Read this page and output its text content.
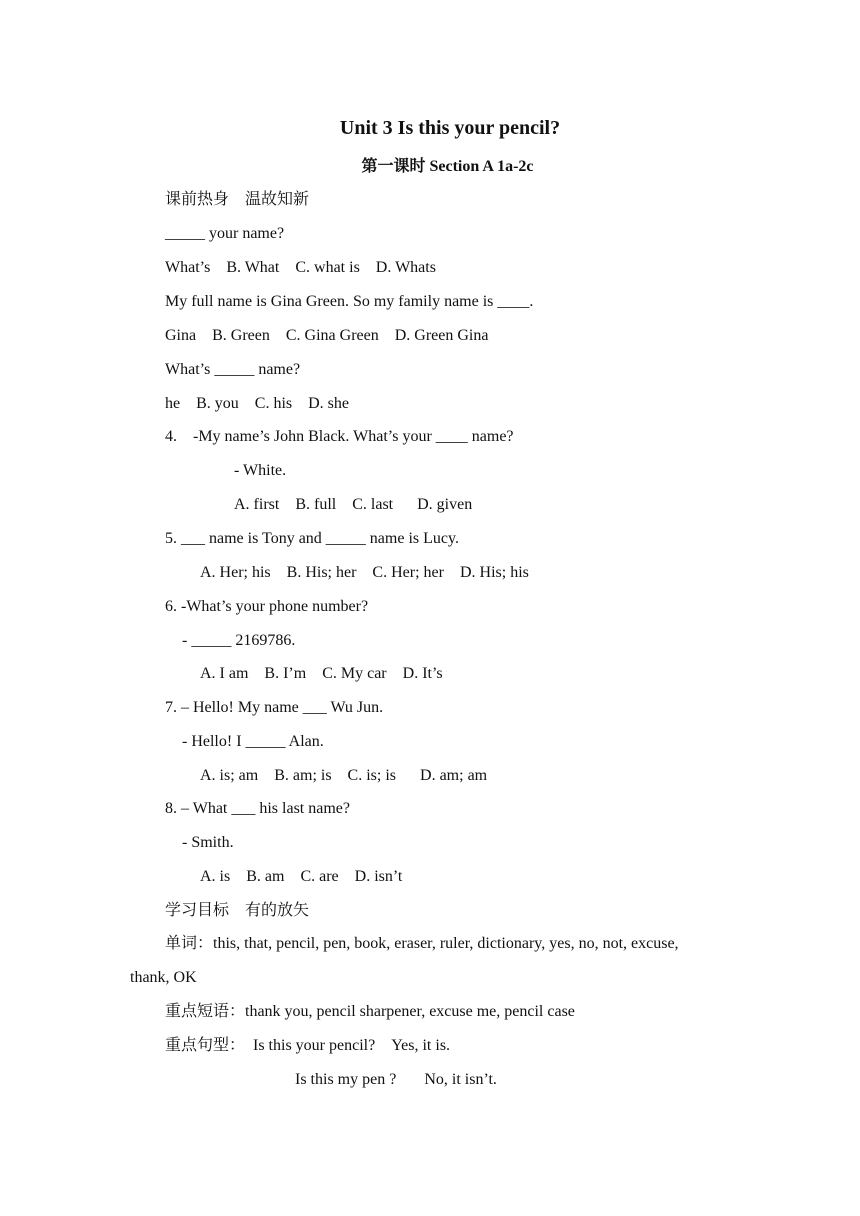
Unit 3 Is this your pencil?
第一课时 Section A 1a-2c
课前热身　温故知新
_____ your name?
What’s　B. What　C. what is　D. Whats
My full name is Gina Green. So my family name is ____.
Gina　B. Green　C. Gina Green　D. Green Gina
What’s _____ name?
he　B. you　C. his　D. she
4.　-My name’s John Black. What’s your ____ name?
- White.
A. first　B. full　C. last　  D. given
5. ___ name is Tony and _____ name is Lucy.
A. Her; his　B. His; her　C. Her; her　D. His; his
6. -What’s your phone number?
- _____ 2169786.
A. I am　B. I’m　C. My car　D. It’s
7. – Hello! My name ___ Wu Jun.
- Hello! I _____ Alan.
A. is; am　B. am; is　C. is; is　  D. am; am
8. – What ___ his last name?
- Smith.
A. is　B. am　C. are　D. isn’t
学习目标　有的放矢
单词：this, that, pencil, pen, book, eraser, ruler, dictionary, yes, no, not, excuse,
thank, OK
重点短语：thank you, pencil sharpener, excuse me, pencil case
重点句型：  Is this your pencil?　Yes, it is.
Is this my pen ?　   No, it isn’t.
